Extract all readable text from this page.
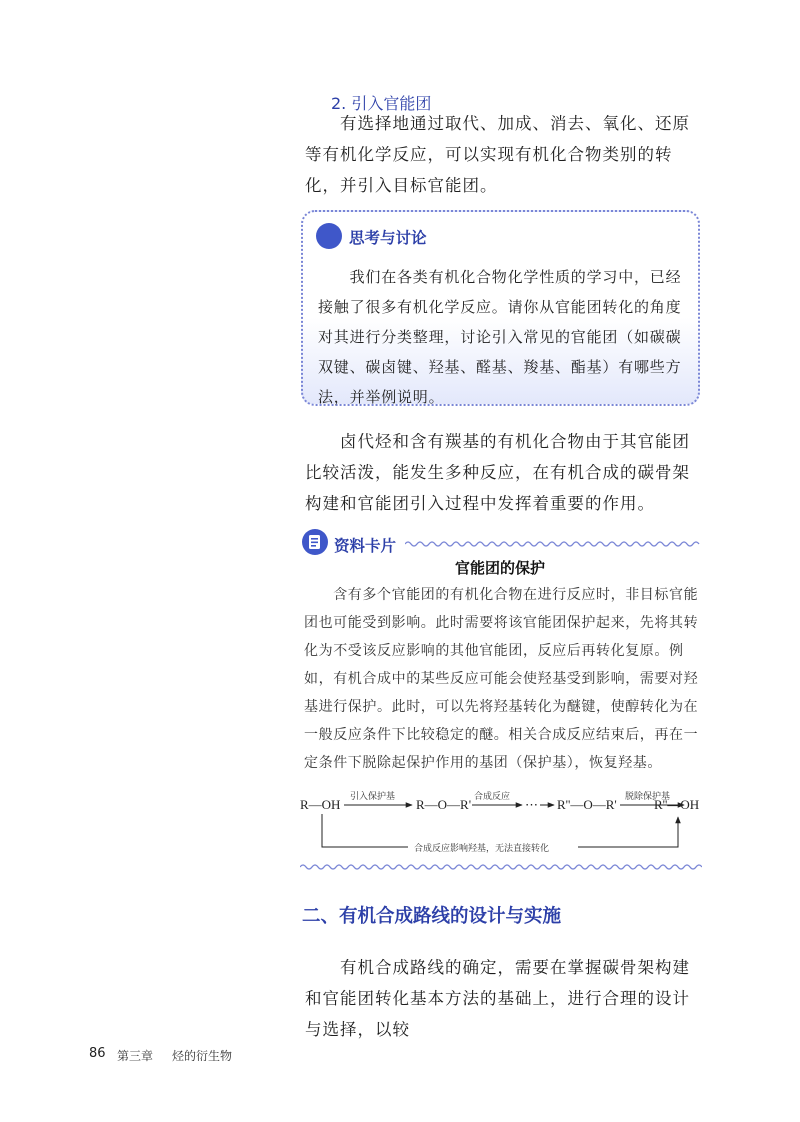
2. 引入官能团

　　有选择地通过取代、加成、消去、氧化、还原等有机化学反应，可以实现有机化合物类别的转化，并引入目标官能团。

思考与讨论

　　我们在各类有机化合物化学性质的学习中，已经接触了很多有机化学反应。请你从官能团转化的角度对其进行分类整理，讨论引入常见的官能团（如碳碳双键、碳卤键、羟基、醛基、羧基、酯基）有哪些方法，并举例说明。

　　卤代烃和含有羰基的有机化合物由于其官能团比较活泼，能发生多种反应，在有机合成的碳骨架构建和官能团引入过程中发挥着重要的作用。

资料卡片
官能团的保护

　　含有多个官能团的有机化合物在进行反应时，非目标官能团也可能受到影响。此时需要将该官能团保护起来，先将其转化为不受该反应影响的其他官能团，反应后再转化复原。例如，有机合成中的某些反应可能会使羟基受到影响，需要对羟基进行保护。此时，可以先将羟基转化为醚键，使醇转化为在一般反应条件下比较稳定的醚。相关合成反应结束后，再在一定条件下脱除起保护作用的基团（保护基），恢复羟基。

R—OH 引入保护基 R—O—R' 合成反应 ⋯ R''—O—R' 脱除保护基
R''—OH
合成反应影响羟基，无法直接转化
二、有机合成路线的设计与实施

　　有机合成路线的确定，需要在掌握碳骨架构建和官能团转化基本方法的基础上，进行合理的设计与选择，以较

86 第三章 烃的衍生物
